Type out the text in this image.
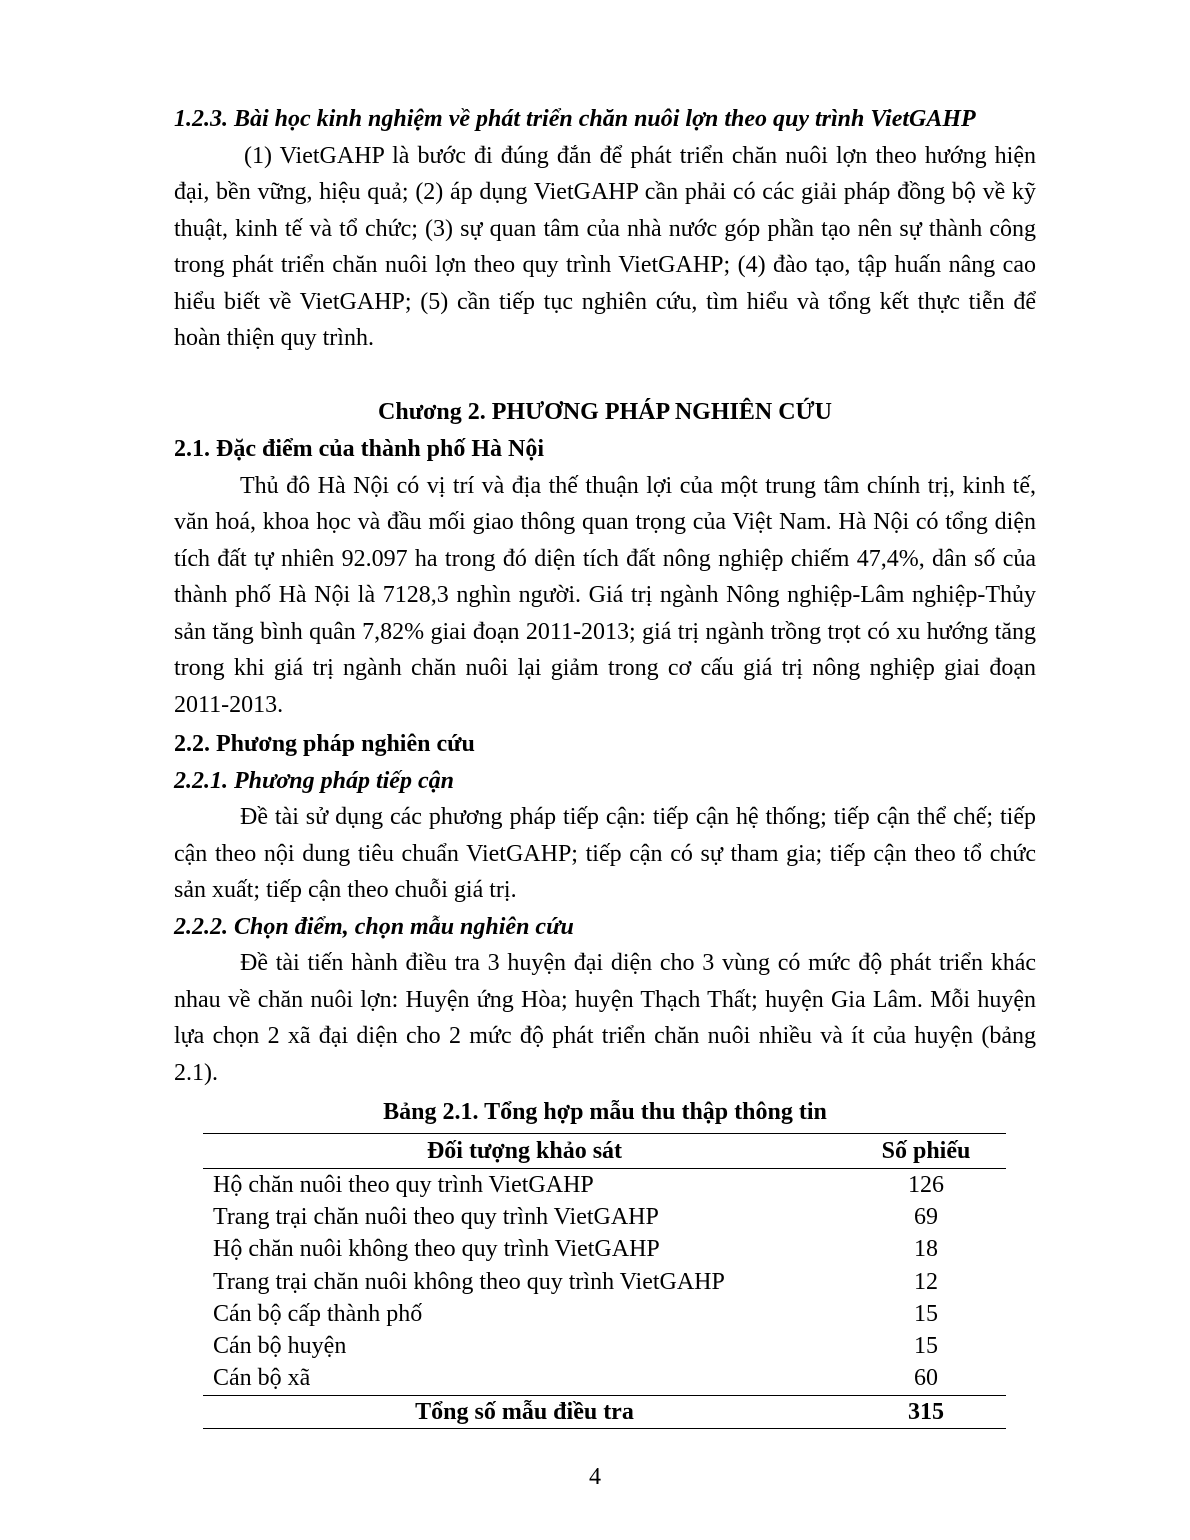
1.2.3. Bài học kinh nghiệm về phát triển chăn nuôi lợn theo quy trình VietGAHP

(1) VietGAHP là bước đi đúng đắn để phát triển chăn nuôi lợn theo hướng hiện đại, bền vững, hiệu quả; (2) áp dụng VietGAHP cần phải có các giải pháp đồng bộ về kỹ thuật, kinh tế và tổ chức; (3) sự quan tâm của nhà nước góp phần tạo nên sự thành công trong phát triển chăn nuôi lợn theo quy trình VietGAHP; (4) đào tạo, tập huấn nâng cao hiểu biết về VietGAHP; (5) cần tiếp tục nghiên cứu, tìm hiểu và tổng kết thực tiễn để hoàn thiện quy trình.

Chương 2. PHƯƠNG PHÁP NGHIÊN CỨU

2.1. Đặc điểm của thành phố Hà Nội

Thủ đô Hà Nội có vị trí và địa thế thuận lợi của một trung tâm chính trị, kinh tế, văn hoá, khoa học và đầu mối giao thông quan trọng của Việt Nam. Hà Nội có tổng diện tích đất tự nhiên 92.097 ha trong đó diện tích đất nông nghiệp chiếm 47,4%, dân số của thành phố Hà Nội là 7128,3 nghìn người. Giá trị ngành Nông nghiệp-Lâm nghiệp-Thủy sản tăng bình quân 7,82% giai đoạn 2011-2013; giá trị ngành trồng trọt có xu hướng tăng trong khi giá trị ngành chăn nuôi lại giảm trong cơ cấu giá trị nông nghiệp giai đoạn 2011-2013.

2.2. Phương pháp nghiên cứu

2.2.1. Phương pháp tiếp cận

Đề tài sử dụng các phương pháp tiếp cận: tiếp cận hệ thống; tiếp cận thể chế; tiếp cận theo nội dung tiêu chuẩn VietGAHP; tiếp cận có sự tham gia; tiếp cận theo tổ chức sản xuất; tiếp cận theo chuỗi giá trị.

2.2.2. Chọn điểm, chọn mẫu nghiên cứu

Đề tài tiến hành điều tra 3 huyện đại diện cho 3 vùng có mức độ phát triển khác nhau về chăn nuôi lợn: Huyện ứng Hòa; huyện Thạch Thất; huyện Gia Lâm. Mỗi huyện lựa chọn 2 xã đại diện cho 2 mức độ phát triển chăn nuôi nhiều và ít của huyện (bảng 2.1).

Bảng 2.1. Tổng hợp mẫu thu thập thông tin
Đối tượng khảo sát	Số phiếu
Hộ chăn nuôi theo quy trình VietGAHP	126
Trang trại chăn nuôi theo quy trình VietGAHP	69
Hộ chăn nuôi không theo quy trình VietGAHP	18
Trang trại chăn nuôi không theo quy trình VietGAHP	12
Cán bộ cấp thành phố	15
Cán bộ huyện	15
Cán bộ xã	60
Tổng số mẫu điều tra	315
4
